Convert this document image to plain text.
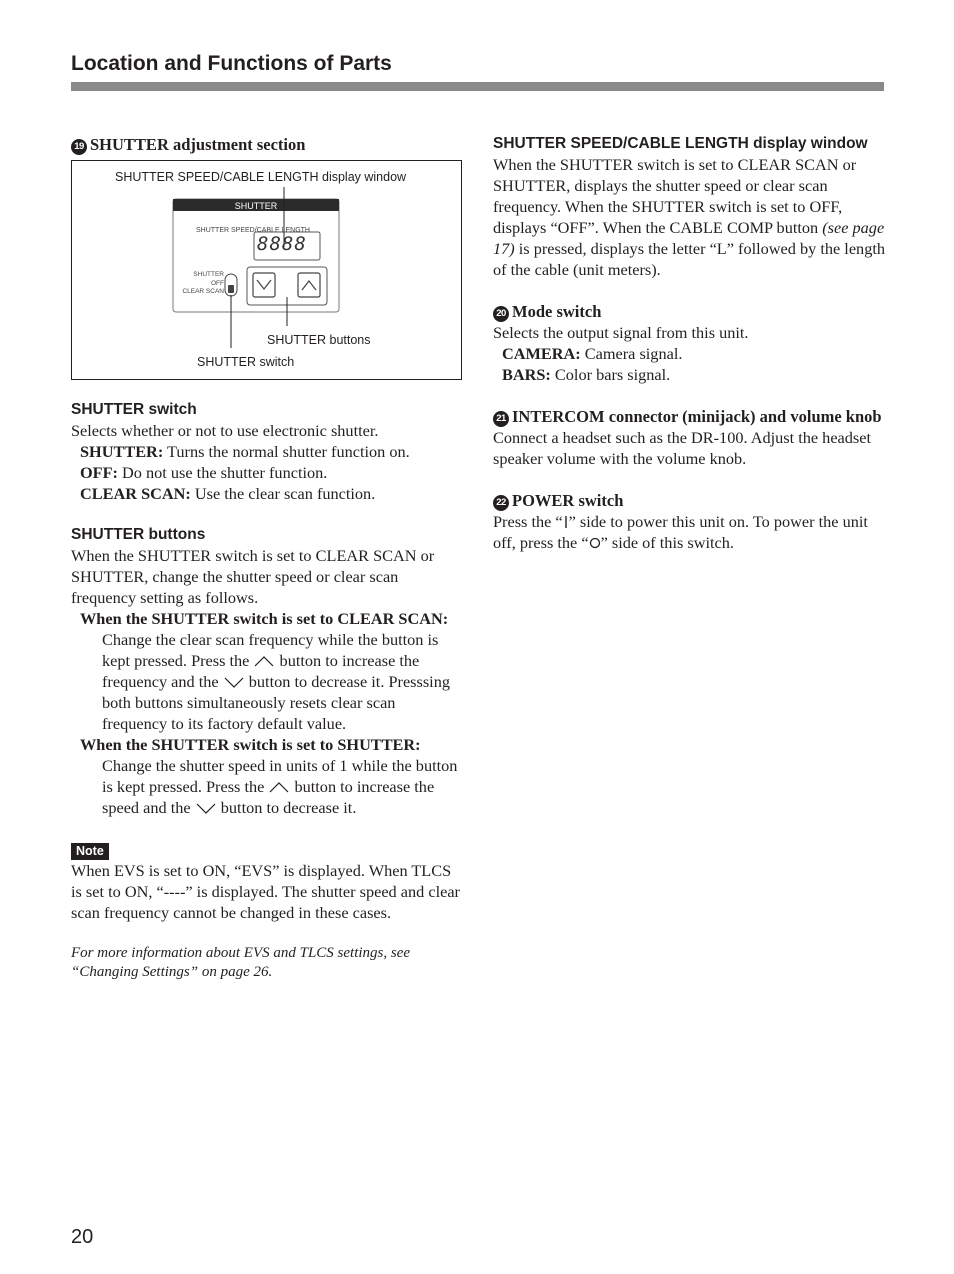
Location and Functions of Parts
19 SHUTTER adjustment section
SHUTTER SPEED/CABLE LENGTH display window
SHUTTER
SHUTTER SPEED/CABLE LENGTH
8888
SHUTTER
OFF
CLEAR SCAN
SHUTTER buttons
SHUTTER switch
SHUTTER switch

Selects whether or not to use electronic shutter.

SHUTTER: Turns the normal shutter function on.

OFF: Do not use the shutter function.

CLEAR SCAN: Use the clear scan function.

SHUTTER buttons

When the SHUTTER switch is set to CLEAR SCAN or SHUTTER, change the shutter speed or clear scan frequency setting as follows.

When the SHUTTER switch is set to CLEAR SCAN: Change the clear scan frequency while the button is kept pressed. Press the  button to increase the frequency and the  button to decrease it. Presssing both buttons simultaneously resets clear scan frequency to its factory default value.

When the SHUTTER switch is set to SHUTTER:

Change the shutter speed in units of 1 while the button is kept pressed. Press the  button to increase the speed and the  button to decrease it.

Note

When EVS is set to ON, “EVS” is displayed. When TLCS is set to ON, “----” is displayed. The shutter speed and clear scan frequency cannot be changed in these cases.

For more information about EVS and TLCS settings, see “Changing Settings” on page 26.

SHUTTER SPEED/CABLE LENGTH display window

When the SHUTTER switch is set to CLEAR SCAN or SHUTTER, displays the shutter speed or clear scan frequency. When the SHUTTER switch is set to OFF, displays “OFF”. When the CABLE COMP button (see page 17) is pressed, displays the letter “L” followed by the length of the cable (unit meters).

20 Mode switch

Selects the output signal from this unit.

CAMERA: Camera signal.

BARS: Color bars signal.

21 INTERCOM connector (minijack) and volume knob

Connect a headset such as the DR-100. Adjust the headset speaker volume with the volume knob.

22 POWER switch

Press the “ ” side to power this unit on. To power the unit off, press the “ ” side of this switch.

20
